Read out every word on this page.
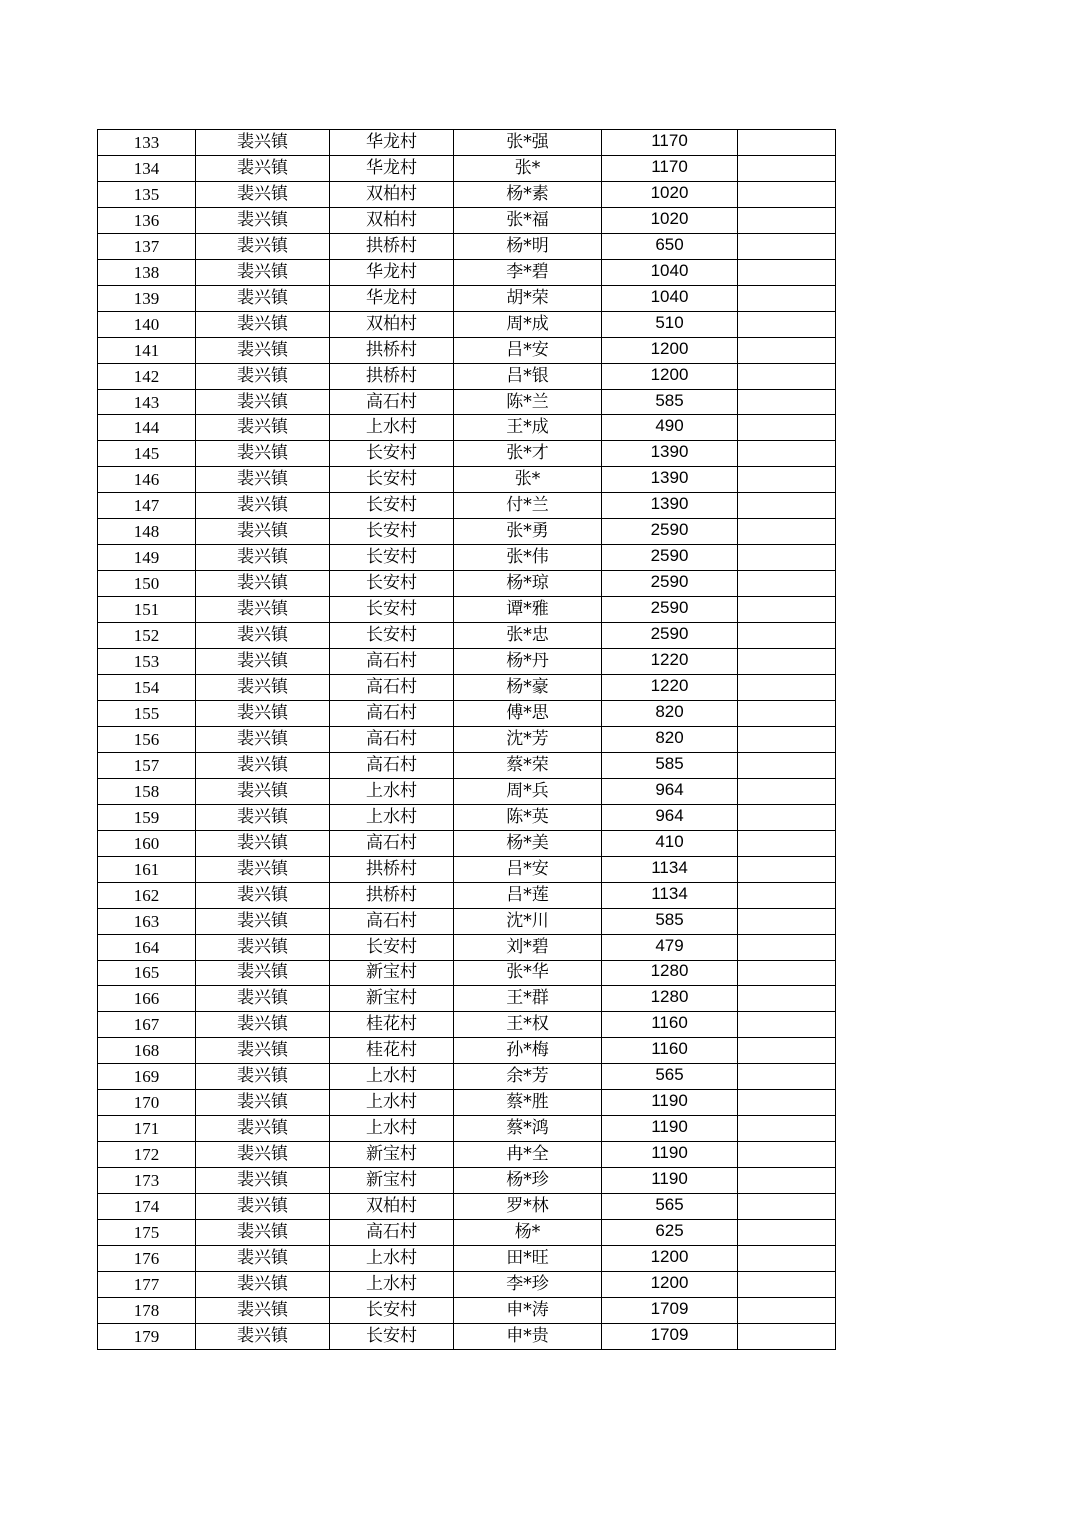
133	裴兴镇	华龙村	张*强	1170	
134	裴兴镇	华龙村	张*	1170	
135	裴兴镇	双柏村	杨*素	1020	
136	裴兴镇	双柏村	张*福	1020	
137	裴兴镇	拱桥村	杨*明	650	
138	裴兴镇	华龙村	李*碧	1040	
139	裴兴镇	华龙村	胡*荣	1040	
140	裴兴镇	双柏村	周*成	510	
141	裴兴镇	拱桥村	吕*安	1200	
142	裴兴镇	拱桥村	吕*银	1200	
143	裴兴镇	高石村	陈*兰	585	
144	裴兴镇	上水村	王*成	490	
145	裴兴镇	长安村	张*才	1390	
146	裴兴镇	长安村	张*	1390	
147	裴兴镇	长安村	付*兰	1390	
148	裴兴镇	长安村	张*勇	2590	
149	裴兴镇	长安村	张*伟	2590	
150	裴兴镇	长安村	杨*琼	2590	
151	裴兴镇	长安村	谭*雅	2590	
152	裴兴镇	长安村	张*忠	2590	
153	裴兴镇	高石村	杨*丹	1220	
154	裴兴镇	高石村	杨*豪	1220	
155	裴兴镇	高石村	傅*思	820	
156	裴兴镇	高石村	沈*芳	820	
157	裴兴镇	高石村	蔡*荣	585	
158	裴兴镇	上水村	周*兵	964	
159	裴兴镇	上水村	陈*英	964	
160	裴兴镇	高石村	杨*美	410	
161	裴兴镇	拱桥村	吕*安	1134	
162	裴兴镇	拱桥村	吕*莲	1134	
163	裴兴镇	高石村	沈*川	585	
164	裴兴镇	长安村	刘*碧	479	
165	裴兴镇	新宝村	张*华	1280	
166	裴兴镇	新宝村	王*群	1280	
167	裴兴镇	桂花村	王*权	1160	
168	裴兴镇	桂花村	孙*梅	1160	
169	裴兴镇	上水村	余*芳	565	
170	裴兴镇	上水村	蔡*胜	1190	
171	裴兴镇	上水村	蔡*鸿	1190	
172	裴兴镇	新宝村	冉*全	1190	
173	裴兴镇	新宝村	杨*珍	1190	
174	裴兴镇	双柏村	罗*林	565	
175	裴兴镇	高石村	杨*	625	
176	裴兴镇	上水村	田*旺	1200	
177	裴兴镇	上水村	李*珍	1200	
178	裴兴镇	长安村	申*涛	1709	
179	裴兴镇	长安村	申*贵	1709	
